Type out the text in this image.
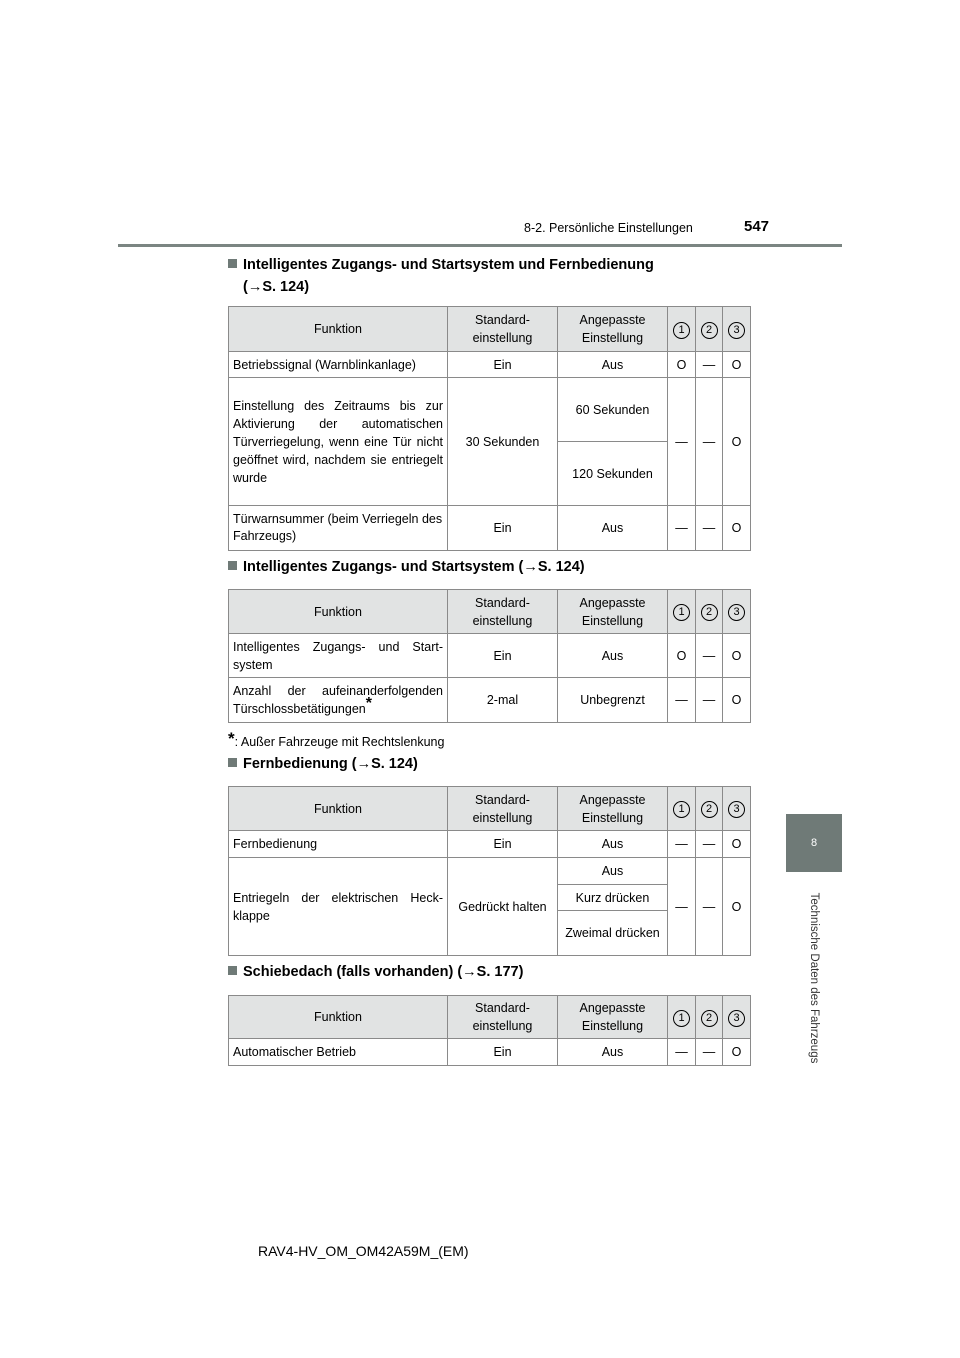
8-2. Persönliche Einstellungen	547
8
Technische Daten des Fahrzeugs
Intelligentes Zugangs- und Startsystem und Fernbedienung
(→S. 124)
Funktion	Standard-einstellung	Angepasste Einstellung	1	2	3
Betriebssignal (Warnblinkanlage)	Ein	Aus	O	—	O
Einstellung des Zeitraums bis zur Aktivierung der automatischen Türverriegelung, wenn eine Tür nicht geöffnet wird, nachdem sie entriegelt wurde	30 Sekunden	60 Sekunden	—	—	O
		120 Sekunden			
Türwarnsummer (beim Verriegeln des Fahrzeugs)	Ein	Aus	—	—	O
Intelligentes Zugangs- und Startsystem (→S. 124)
Funktion	Standard-einstellung	Angepasste Einstellung	1	2	3
Intelligentes Zugangs- und Start-system	Ein	Aus	O	—	O
Anzahl der aufeinanderfolgenden Türschlossbetätigungen*	2-mal	Unbegrenzt	—	—	O
*: Außer Fahrzeuge mit Rechtslenkung
Fernbedienung (→S. 124)
Funktion	Standard-einstellung	Angepasste Einstellung	1	2	3
Fernbedienung	Ein	Aus	—	—	O
Entriegeln der elektrischen Heck-klappe	Gedrückt halten	Aus	—	—	O
		Kurz drücken			
		Zweimal drücken			
Schiebedach (falls vorhanden) (→S. 177)
Funktion	Standard-einstellung	Angepasste Einstellung	1	2	3
Automatischer Betrieb	Ein	Aus	—	—	O
RAV4-HV_OM_OM42A59M_(EM)
